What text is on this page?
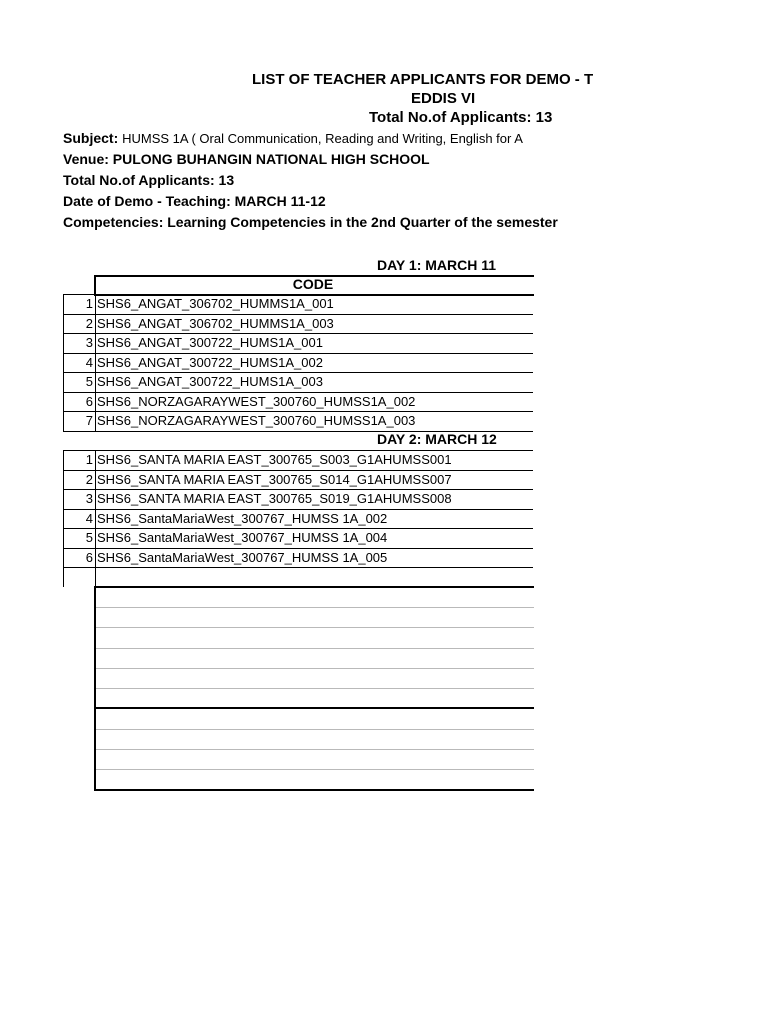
LIST OF TEACHER APPLICANTS FOR DEMO - T
EDDIS VI
Total No.of Applicants: 13
Subject: HUMSS 1A ( Oral Communication, Reading and Writing, English for A
Venue: PULONG BUHANGIN NATIONAL HIGH SCHOOL
Total No.of Applicants: 13
Date of Demo - Teaching: MARCH 11-12
Competencies: Learning Competencies in the 2nd Quarter of the semester
DAY 1: MARCH 11
CODE
1 SHS6_ANGAT_306702_HUMMS1A_001
2 SHS6_ANGAT_306702_HUMMS1A_003
3 SHS6_ANGAT_300722_HUMS1A_001
4 SHS6_ANGAT_300722_HUMS1A_002
5 SHS6_ANGAT_300722_HUMS1A_003
6 SHS6_NORZAGARAYWEST_300760_HUMSS1A_002
7 SHS6_NORZAGARAYWEST_300760_HUMSS1A_003
DAY 2: MARCH 12
1 SHS6_SANTA MARIA EAST_300765_S003_G1AHUMSS001
2 SHS6_SANTA MARIA EAST_300765_S014_G1AHUMSS007
3 SHS6_SANTA MARIA EAST_300765_S019_G1AHUMSS008
4 SHS6_SantaMariaWest_300767_HUMSS 1A_002
5 SHS6_SantaMariaWest_300767_HUMSS 1A_004
6 SHS6_SantaMariaWest_300767_HUMSS 1A_005
